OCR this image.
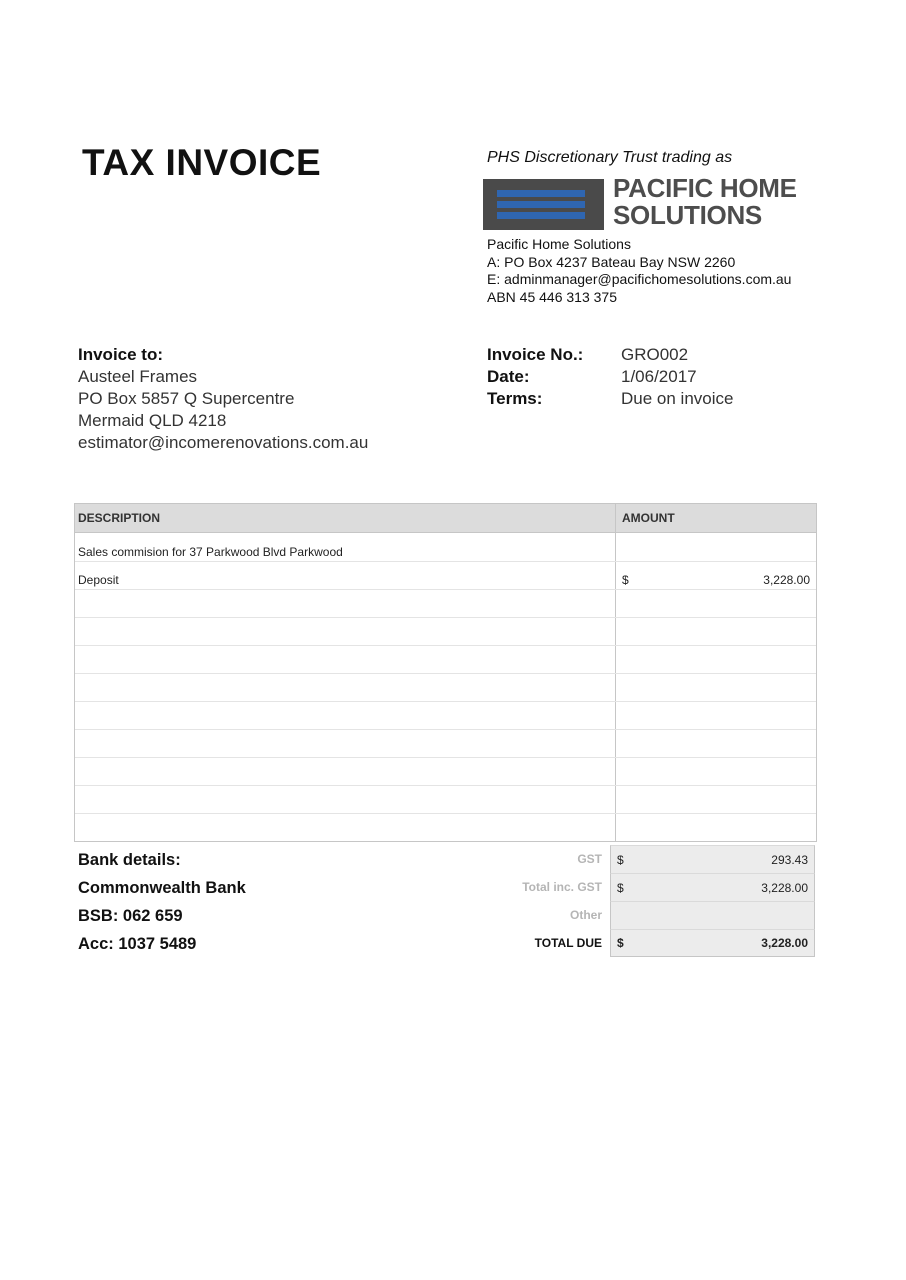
TAX INVOICE	PHS Discretionary Trust trading as
PACIFIC HOME
SOLUTIONS
Pacific Home Solutions
A: PO Box 4237 Bateau Bay NSW 2260
E: adminmanager@pacifichomesolutions.com.au
ABN 45 446 313 375
Invoice to:
Austeel Frames
PO Box 5857 Q Supercentre
Mermaid QLD 4218
estimator@incomerenovations.com.au
Invoice No.:	GRO002
Date:	1/06/2017
Terms:	Due on invoice
DESCRIPTION	AMOUNT
Sales commision for 37 Parkwood Blvd Parkwood
Deposit	$	3,228.00
Bank details:
Commonwealth Bank
BSB: 062 659
Acc: 1037 5489
GST	$	293.43
Total inc. GST	$	3,228.00
Other
TOTAL DUE	$	3,228.00
